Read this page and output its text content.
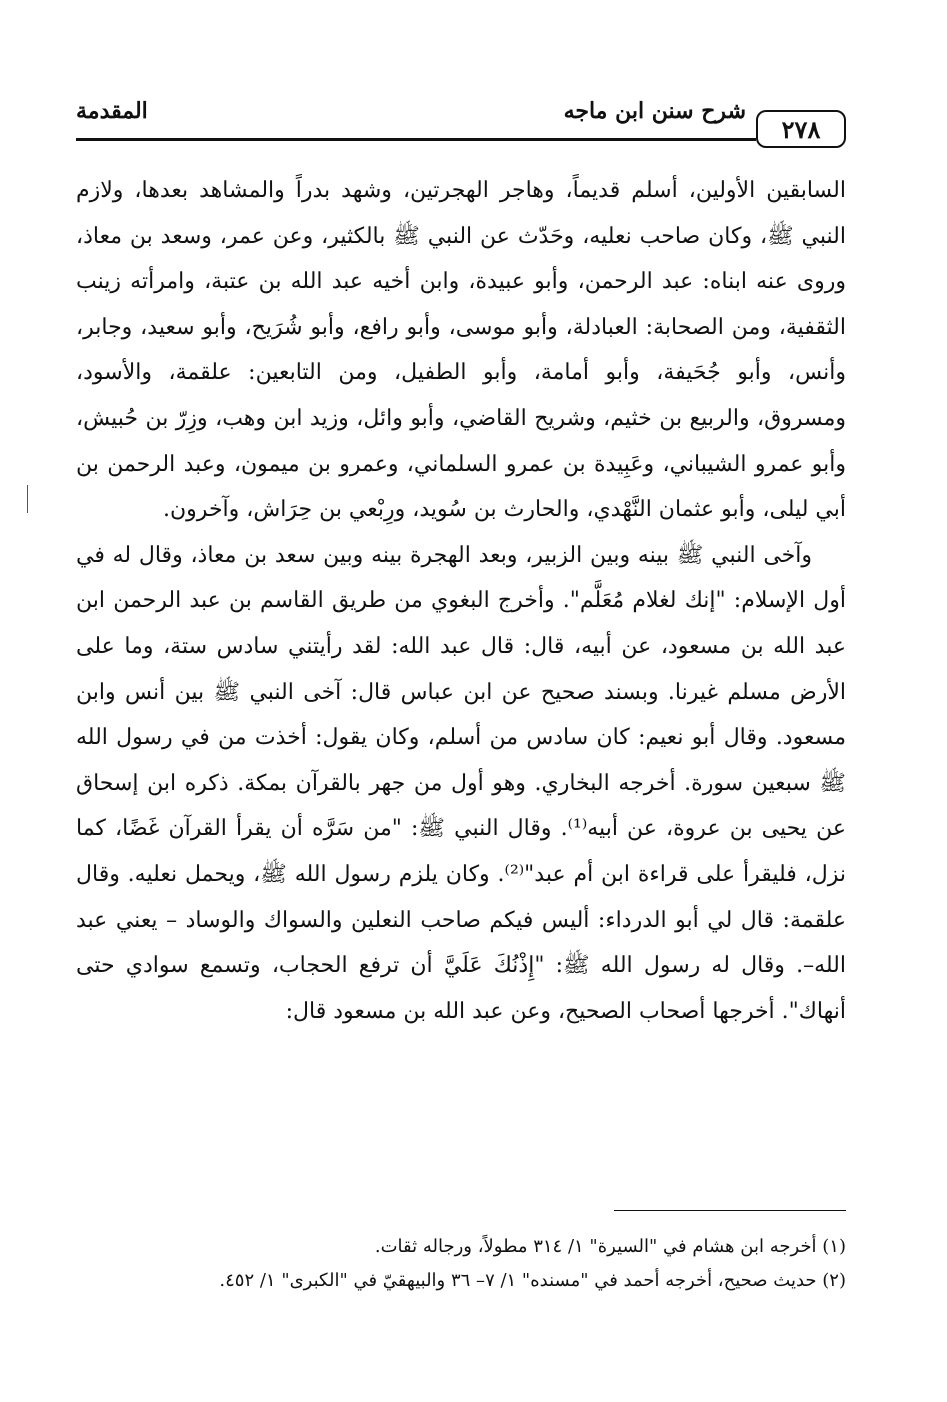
المقدمة	شرح سنن ابن ماجه
٢٧٨

السابقين الأولين، أسلم قديماً، وهاجر الهجرتين، وشهد بدراً والمشاهد بعدها، ولازم النبي ﷺ، وكان صاحب نعليه، وحَدّث عن النبي ﷺ بالكثير، وعن عمر، وسعد بن معاذ، وروى عنه ابناه: عبد الرحمن، وأبو عبيدة، وابن أخيه عبد الله بن عتبة، وامرأته زينب الثقفية، ومن الصحابة: العبادلة، وأبو موسى، وأبو رافع، وأبو شُرَيح، وأبو سعيد، وجابر، وأنس، وأبو جُحَيفة، وأبو أمامة، وأبو الطفيل، ومن التابعين: علقمة، والأسود، ومسروق، والربيع بن خثيم، وشريح القاضي، وأبو وائل، وزيد ابن وهب، وزِرّ بن حُبيش، وأبو عمرو الشيباني، وعَبِيدة بن عمرو السلماني، وعمرو بن ميمون، وعبد الرحمن بن أبي ليلى، وأبو عثمان النَّهْدي، والحارث بن سُويد، ورِبْعي بن حِرَاش، وآخرون.

وآخى النبي ﷺ بينه وبين الزبير، وبعد الهجرة بينه وبين سعد بن معاذ، وقال له في أول الإسلام: "إنك لغلام مُعَلَّم". وأخرج البغوي من طريق القاسم بن عبد الرحمن ابن عبد الله بن مسعود، عن أبيه، قال: قال عبد الله: لقد رأيتني سادس ستة، وما على الأرض مسلم غيرنا. وبسند صحيح عن ابن عباس قال: آخى النبي ﷺ بين أنس وابن مسعود. وقال أبو نعيم: كان سادس من أسلم، وكان يقول: أخذت من في رسول الله ﷺ سبعين سورة. أخرجه البخاري. وهو أول من جهر بالقرآن بمكة. ذكره ابن إسحاق عن يحيى بن عروة، عن أبيه⁽¹⁾. وقال النبي ﷺ: "من سَرَّه أن يقرأ القرآن غَضًا، كما نزل، فليقرأ على قراءة ابن أم عبد"⁽²⁾. وكان يلزم رسول الله ﷺ، ويحمل نعليه. وقال علقمة: قال لي أبو الدرداء: أليس فيكم صاحب النعلين والسواك والوساد – يعني عبد الله–. وقال له رسول الله ﷺ: "إِذْنُكَ عَلَيَّ أن ترفع الحجاب، وتسمع سوادي حتى أنهاك". أخرجها أصحاب الصحيح، وعن عبد الله بن مسعود قال:

(١) أخرجه ابن هشام في "السيرة" ١/ ٣١٤ مطولاً، ورجاله ثقات.

(٢) حديث صحيح، أخرجه أحمد في "مسنده" ١/ ٧– ٣٦ والبيهقيّ في "الكبرى" ١/ ٤٥٢.
